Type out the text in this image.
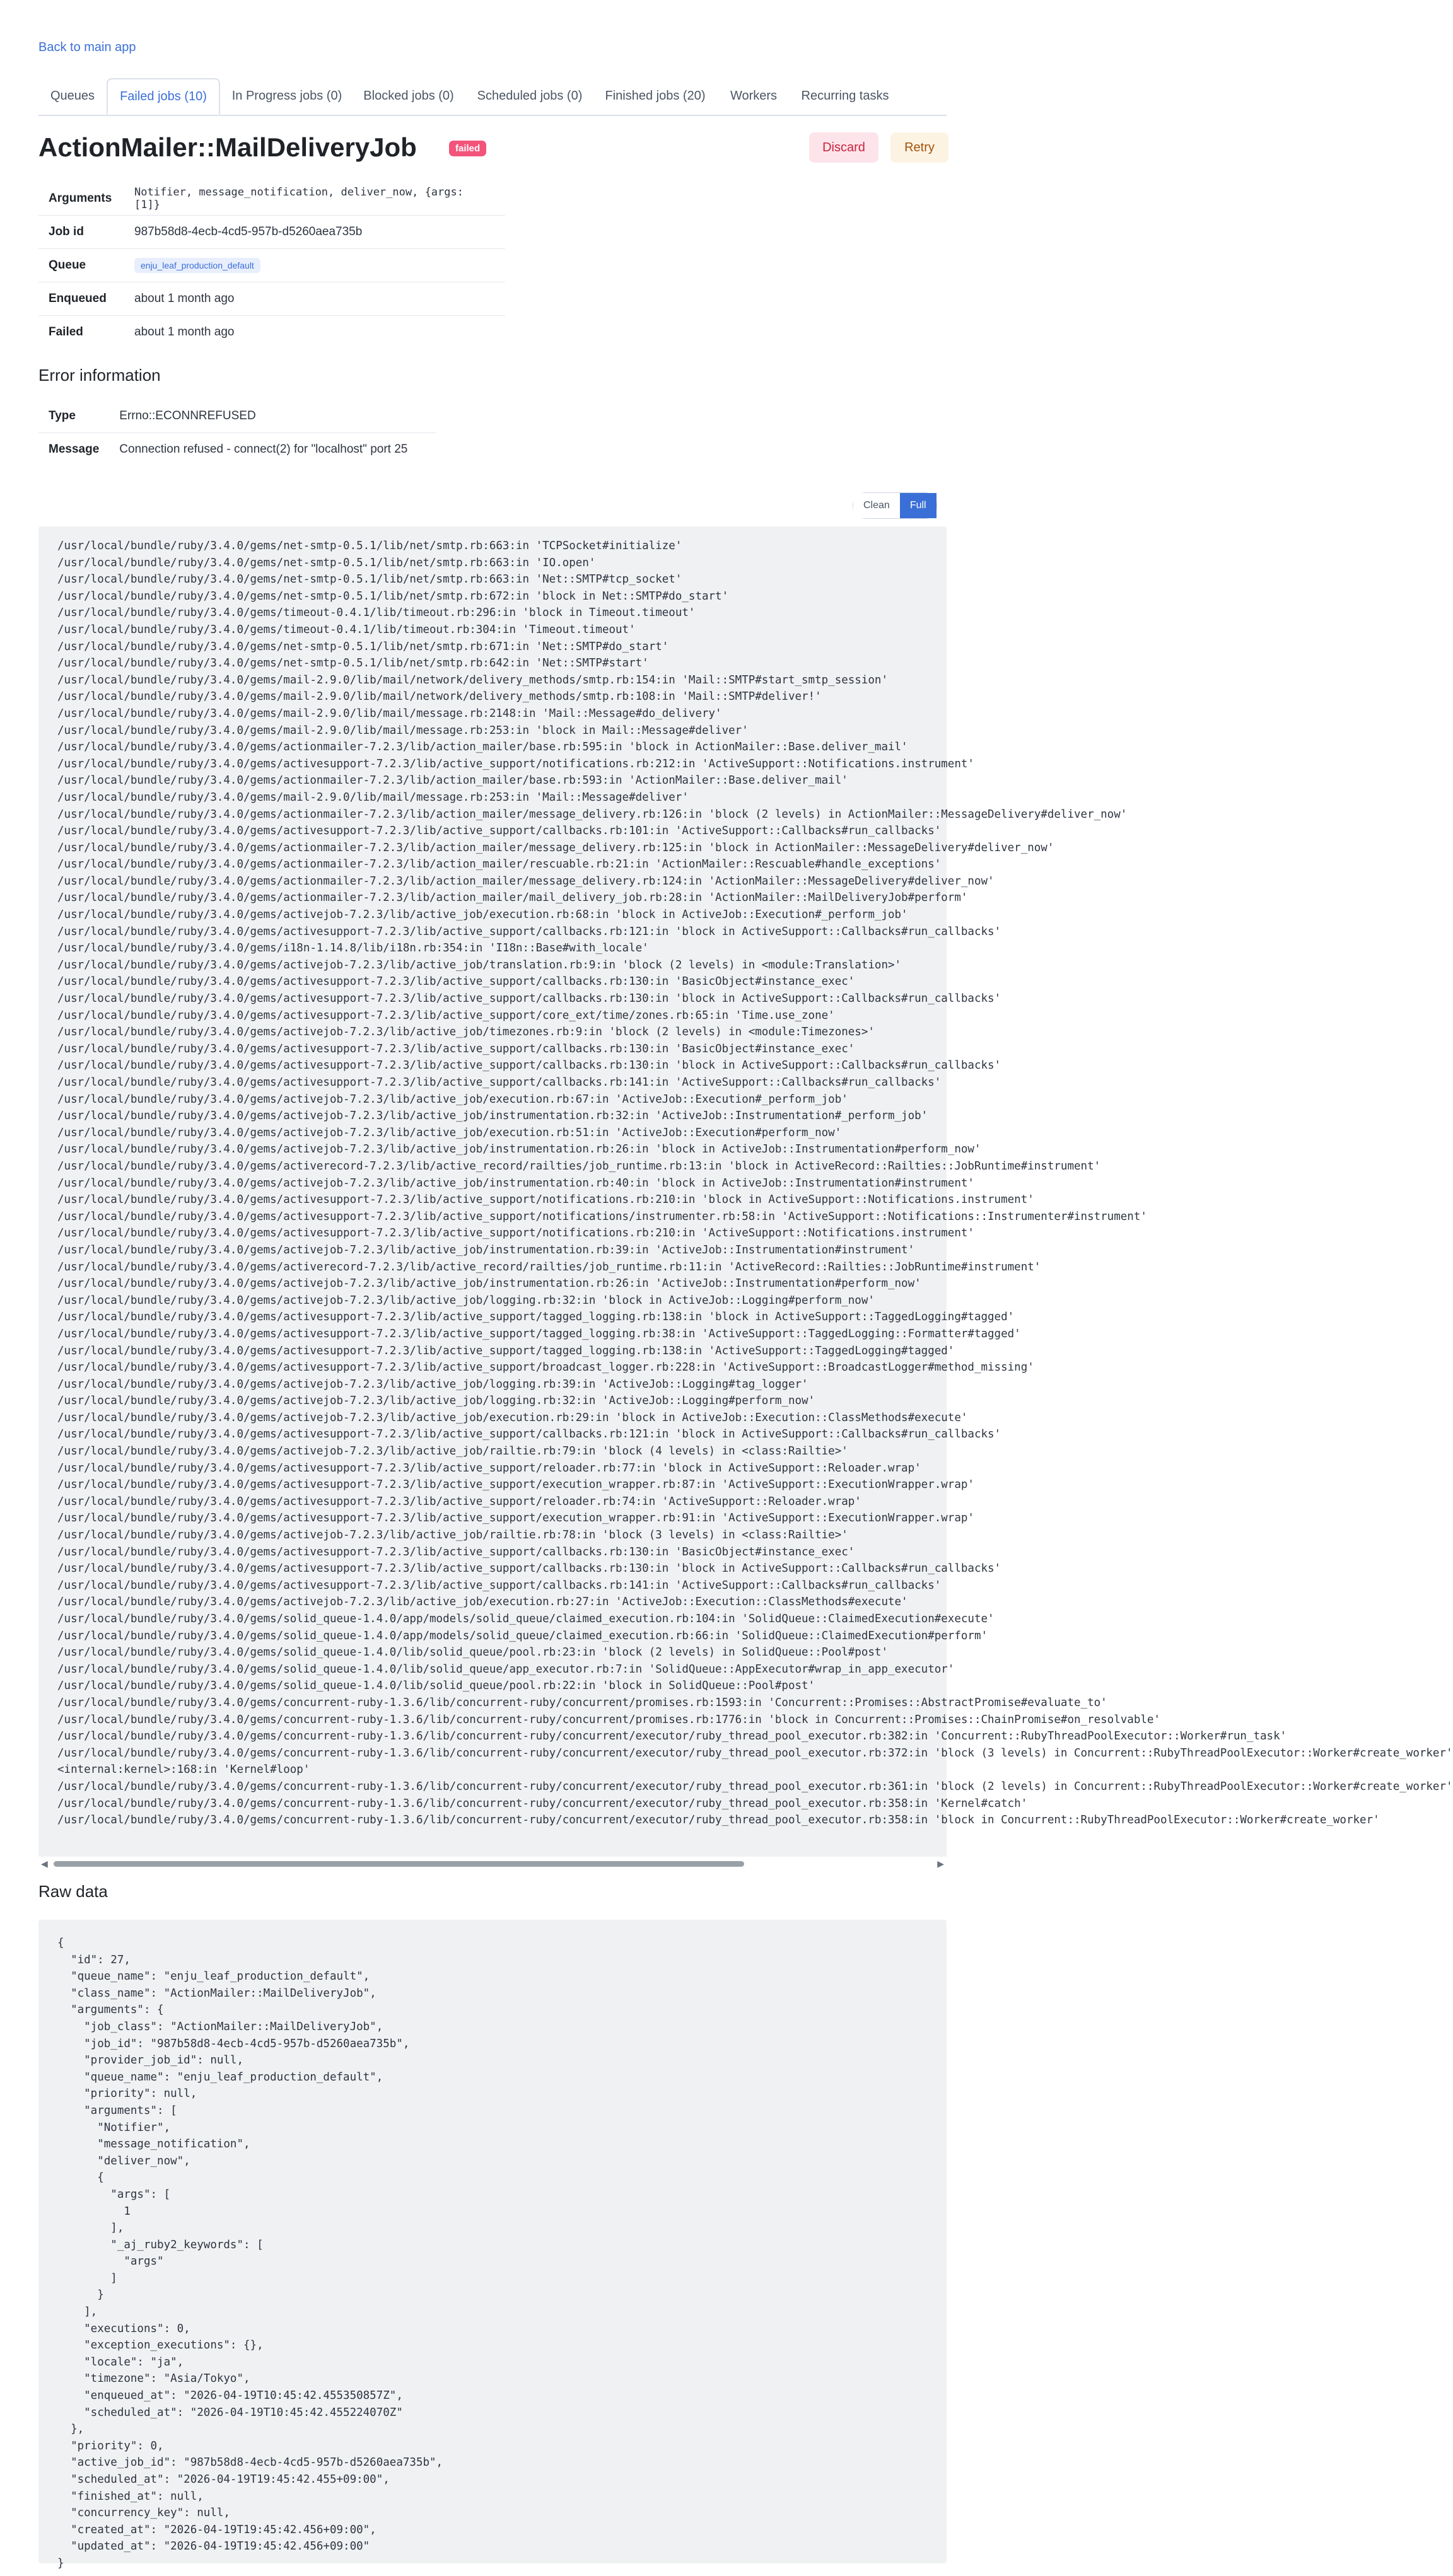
Back to main app
Queues	Failed jobs (10)	In Progress jobs (0)	Blocked jobs (0)	Scheduled jobs (0)	Finished jobs (20)	Workers	Recurring tasks
ActionMailer::MailDeliveryJob	failed	Discard	Retry
Arguments	Notifier, message_notification, deliver_now, {args: [1]}
Job id	987b58d8-4ecb-4cd5-957b-d5260aea735b
Queue	enju_leaf_production_default
Enqueued	about 1 month ago
Failed	about 1 month ago
Error information
Type	Errno::ECONNREFUSED
Message	Connection refused - connect(2) for "localhost" port 25
Clean	Full
/usr/local/bundle/ruby/3.4.0/gems/net-smtp-0.5.1/lib/net/smtp.rb:663:in 'TCPSocket#initialize'
/usr/local/bundle/ruby/3.4.0/gems/net-smtp-0.5.1/lib/net/smtp.rb:663:in 'IO.open'
/usr/local/bundle/ruby/3.4.0/gems/net-smtp-0.5.1/lib/net/smtp.rb:663:in 'Net::SMTP#tcp_socket'
/usr/local/bundle/ruby/3.4.0/gems/net-smtp-0.5.1/lib/net/smtp.rb:672:in 'block in Net::SMTP#do_start'
/usr/local/bundle/ruby/3.4.0/gems/timeout-0.4.1/lib/timeout.rb:296:in 'block in Timeout.timeout'
/usr/local/bundle/ruby/3.4.0/gems/timeout-0.4.1/lib/timeout.rb:304:in 'Timeout.timeout'
/usr/local/bundle/ruby/3.4.0/gems/net-smtp-0.5.1/lib/net/smtp.rb:671:in 'Net::SMTP#do_start'
/usr/local/bundle/ruby/3.4.0/gems/net-smtp-0.5.1/lib/net/smtp.rb:642:in 'Net::SMTP#start'
/usr/local/bundle/ruby/3.4.0/gems/mail-2.9.0/lib/mail/network/delivery_methods/smtp.rb:154:in 'Mail::SMTP#start_smtp_session'
/usr/local/bundle/ruby/3.4.0/gems/mail-2.9.0/lib/mail/network/delivery_methods/smtp.rb:108:in 'Mail::SMTP#deliver!'
/usr/local/bundle/ruby/3.4.0/gems/mail-2.9.0/lib/mail/message.rb:2148:in 'Mail::Message#do_delivery'
/usr/local/bundle/ruby/3.4.0/gems/mail-2.9.0/lib/mail/message.rb:253:in 'block in Mail::Message#deliver'
/usr/local/bundle/ruby/3.4.0/gems/actionmailer-7.2.3/lib/action_mailer/base.rb:595:in 'block in ActionMailer::Base.deliver_mail'
/usr/local/bundle/ruby/3.4.0/gems/activesupport-7.2.3/lib/active_support/notifications.rb:212:in 'ActiveSupport::Notifications.instrument'
/usr/local/bundle/ruby/3.4.0/gems/actionmailer-7.2.3/lib/action_mailer/base.rb:593:in 'ActionMailer::Base.deliver_mail'
/usr/local/bundle/ruby/3.4.0/gems/mail-2.9.0/lib/mail/message.rb:253:in 'Mail::Message#deliver'
/usr/local/bundle/ruby/3.4.0/gems/actionmailer-7.2.3/lib/action_mailer/message_delivery.rb:126:in 'block (2 levels) in ActionMailer::MessageDelivery#deliver_now'
/usr/local/bundle/ruby/3.4.0/gems/activesupport-7.2.3/lib/active_support/callbacks.rb:101:in 'ActiveSupport::Callbacks#run_callbacks'
/usr/local/bundle/ruby/3.4.0/gems/actionmailer-7.2.3/lib/action_mailer/message_delivery.rb:125:in 'block in ActionMailer::MessageDelivery#deliver_now'
/usr/local/bundle/ruby/3.4.0/gems/actionmailer-7.2.3/lib/action_mailer/rescuable.rb:21:in 'ActionMailer::Rescuable#handle_exceptions'
/usr/local/bundle/ruby/3.4.0/gems/actionmailer-7.2.3/lib/action_mailer/message_delivery.rb:124:in 'ActionMailer::MessageDelivery#deliver_now'
/usr/local/bundle/ruby/3.4.0/gems/actionmailer-7.2.3/lib/action_mailer/mail_delivery_job.rb:28:in 'ActionMailer::MailDeliveryJob#perform'
/usr/local/bundle/ruby/3.4.0/gems/activejob-7.2.3/lib/active_job/execution.rb:68:in 'block in ActiveJob::Execution#_perform_job'
/usr/local/bundle/ruby/3.4.0/gems/activesupport-7.2.3/lib/active_support/callbacks.rb:121:in 'block in ActiveSupport::Callbacks#run_callbacks'
/usr/local/bundle/ruby/3.4.0/gems/i18n-1.14.8/lib/i18n.rb:354:in 'I18n::Base#with_locale'
/usr/local/bundle/ruby/3.4.0/gems/activejob-7.2.3/lib/active_job/translation.rb:9:in 'block (2 levels) in <module:Translation>'
/usr/local/bundle/ruby/3.4.0/gems/activesupport-7.2.3/lib/active_support/callbacks.rb:130:in 'BasicObject#instance_exec'
/usr/local/bundle/ruby/3.4.0/gems/activesupport-7.2.3/lib/active_support/callbacks.rb:130:in 'block in ActiveSupport::Callbacks#run_callbacks'
/usr/local/bundle/ruby/3.4.0/gems/activesupport-7.2.3/lib/active_support/core_ext/time/zones.rb:65:in 'Time.use_zone'
/usr/local/bundle/ruby/3.4.0/gems/activejob-7.2.3/lib/active_job/timezones.rb:9:in 'block (2 levels) in <module:Timezones>'
/usr/local/bundle/ruby/3.4.0/gems/activesupport-7.2.3/lib/active_support/callbacks.rb:130:in 'BasicObject#instance_exec'
/usr/local/bundle/ruby/3.4.0/gems/activesupport-7.2.3/lib/active_support/callbacks.rb:130:in 'block in ActiveSupport::Callbacks#run_callbacks'
/usr/local/bundle/ruby/3.4.0/gems/activesupport-7.2.3/lib/active_support/callbacks.rb:141:in 'ActiveSupport::Callbacks#run_callbacks'
/usr/local/bundle/ruby/3.4.0/gems/activejob-7.2.3/lib/active_job/execution.rb:67:in 'ActiveJob::Execution#_perform_job'
/usr/local/bundle/ruby/3.4.0/gems/activejob-7.2.3/lib/active_job/instrumentation.rb:32:in 'ActiveJob::Instrumentation#_perform_job'
/usr/local/bundle/ruby/3.4.0/gems/activejob-7.2.3/lib/active_job/execution.rb:51:in 'ActiveJob::Execution#perform_now'
/usr/local/bundle/ruby/3.4.0/gems/activejob-7.2.3/lib/active_job/instrumentation.rb:26:in 'block in ActiveJob::Instrumentation#perform_now'
/usr/local/bundle/ruby/3.4.0/gems/activerecord-7.2.3/lib/active_record/railties/job_runtime.rb:13:in 'block in ActiveRecord::Railties::JobRuntime#instrument'
/usr/local/bundle/ruby/3.4.0/gems/activejob-7.2.3/lib/active_job/instrumentation.rb:40:in 'block in ActiveJob::Instrumentation#instrument'
/usr/local/bundle/ruby/3.4.0/gems/activesupport-7.2.3/lib/active_support/notifications.rb:210:in 'block in ActiveSupport::Notifications.instrument'
/usr/local/bundle/ruby/3.4.0/gems/activesupport-7.2.3/lib/active_support/notifications/instrumenter.rb:58:in 'ActiveSupport::Notifications::Instrumenter#instrument'
/usr/local/bundle/ruby/3.4.0/gems/activesupport-7.2.3/lib/active_support/notifications.rb:210:in 'ActiveSupport::Notifications.instrument'
/usr/local/bundle/ruby/3.4.0/gems/activejob-7.2.3/lib/active_job/instrumentation.rb:39:in 'ActiveJob::Instrumentation#instrument'
/usr/local/bundle/ruby/3.4.0/gems/activerecord-7.2.3/lib/active_record/railties/job_runtime.rb:11:in 'ActiveRecord::Railties::JobRuntime#instrument'
/usr/local/bundle/ruby/3.4.0/gems/activejob-7.2.3/lib/active_job/instrumentation.rb:26:in 'ActiveJob::Instrumentation#perform_now'
/usr/local/bundle/ruby/3.4.0/gems/activejob-7.2.3/lib/active_job/logging.rb:32:in 'block in ActiveJob::Logging#perform_now'
/usr/local/bundle/ruby/3.4.0/gems/activesupport-7.2.3/lib/active_support/tagged_logging.rb:138:in 'block in ActiveSupport::TaggedLogging#tagged'
/usr/local/bundle/ruby/3.4.0/gems/activesupport-7.2.3/lib/active_support/tagged_logging.rb:38:in 'ActiveSupport::TaggedLogging::Formatter#tagged'
/usr/local/bundle/ruby/3.4.0/gems/activesupport-7.2.3/lib/active_support/tagged_logging.rb:138:in 'ActiveSupport::TaggedLogging#tagged'
/usr/local/bundle/ruby/3.4.0/gems/activesupport-7.2.3/lib/active_support/broadcast_logger.rb:228:in 'ActiveSupport::BroadcastLogger#method_missing'
/usr/local/bundle/ruby/3.4.0/gems/activejob-7.2.3/lib/active_job/logging.rb:39:in 'ActiveJob::Logging#tag_logger'
/usr/local/bundle/ruby/3.4.0/gems/activejob-7.2.3/lib/active_job/logging.rb:32:in 'ActiveJob::Logging#perform_now'
/usr/local/bundle/ruby/3.4.0/gems/activejob-7.2.3/lib/active_job/execution.rb:29:in 'block in ActiveJob::Execution::ClassMethods#execute'
/usr/local/bundle/ruby/3.4.0/gems/activesupport-7.2.3/lib/active_support/callbacks.rb:121:in 'block in ActiveSupport::Callbacks#run_callbacks'
/usr/local/bundle/ruby/3.4.0/gems/activejob-7.2.3/lib/active_job/railtie.rb:79:in 'block (4 levels) in <class:Railtie>'
/usr/local/bundle/ruby/3.4.0/gems/activesupport-7.2.3/lib/active_support/reloader.rb:77:in 'block in ActiveSupport::Reloader.wrap'
/usr/local/bundle/ruby/3.4.0/gems/activesupport-7.2.3/lib/active_support/execution_wrapper.rb:87:in 'ActiveSupport::ExecutionWrapper.wrap'
/usr/local/bundle/ruby/3.4.0/gems/activesupport-7.2.3/lib/active_support/reloader.rb:74:in 'ActiveSupport::Reloader.wrap'
/usr/local/bundle/ruby/3.4.0/gems/activesupport-7.2.3/lib/active_support/execution_wrapper.rb:91:in 'ActiveSupport::ExecutionWrapper.wrap'
/usr/local/bundle/ruby/3.4.0/gems/activejob-7.2.3/lib/active_job/railtie.rb:78:in 'block (3 levels) in <class:Railtie>'
/usr/local/bundle/ruby/3.4.0/gems/activesupport-7.2.3/lib/active_support/callbacks.rb:130:in 'BasicObject#instance_exec'
/usr/local/bundle/ruby/3.4.0/gems/activesupport-7.2.3/lib/active_support/callbacks.rb:130:in 'block in ActiveSupport::Callbacks#run_callbacks'
/usr/local/bundle/ruby/3.4.0/gems/activesupport-7.2.3/lib/active_support/callbacks.rb:141:in 'ActiveSupport::Callbacks#run_callbacks'
/usr/local/bundle/ruby/3.4.0/gems/activejob-7.2.3/lib/active_job/execution.rb:27:in 'ActiveJob::Execution::ClassMethods#execute'
/usr/local/bundle/ruby/3.4.0/gems/solid_queue-1.4.0/app/models/solid_queue/claimed_execution.rb:104:in 'SolidQueue::ClaimedExecution#execute'
/usr/local/bundle/ruby/3.4.0/gems/solid_queue-1.4.0/app/models/solid_queue/claimed_execution.rb:66:in 'SolidQueue::ClaimedExecution#perform'
/usr/local/bundle/ruby/3.4.0/gems/solid_queue-1.4.0/lib/solid_queue/pool.rb:23:in 'block (2 levels) in SolidQueue::Pool#post'
/usr/local/bundle/ruby/3.4.0/gems/solid_queue-1.4.0/lib/solid_queue/app_executor.rb:7:in 'SolidQueue::AppExecutor#wrap_in_app_executor'
/usr/local/bundle/ruby/3.4.0/gems/solid_queue-1.4.0/lib/solid_queue/pool.rb:22:in 'block in SolidQueue::Pool#post'
/usr/local/bundle/ruby/3.4.0/gems/concurrent-ruby-1.3.6/lib/concurrent-ruby/concurrent/promises.rb:1593:in 'Concurrent::Promises::AbstractPromise#evaluate_to'
/usr/local/bundle/ruby/3.4.0/gems/concurrent-ruby-1.3.6/lib/concurrent-ruby/concurrent/promises.rb:1776:in 'block in Concurrent::Promises::ChainPromise#on_resolvable'
/usr/local/bundle/ruby/3.4.0/gems/concurrent-ruby-1.3.6/lib/concurrent-ruby/concurrent/executor/ruby_thread_pool_executor.rb:382:in 'Concurrent::RubyThreadPoolExecutor::Worker#run_task'
/usr/local/bundle/ruby/3.4.0/gems/concurrent-ruby-1.3.6/lib/concurrent-ruby/concurrent/executor/ruby_thread_pool_executor.rb:372:in 'block (3 levels) in Concurrent::RubyThreadPoolExecutor::Worker#create_worker'
<internal:kernel>:168:in 'Kernel#loop'
/usr/local/bundle/ruby/3.4.0/gems/concurrent-ruby-1.3.6/lib/concurrent-ruby/concurrent/executor/ruby_thread_pool_executor.rb:361:in 'block (2 levels) in Concurrent::RubyThreadPoolExecutor::Worker#create_worker'
/usr/local/bundle/ruby/3.4.0/gems/concurrent-ruby-1.3.6/lib/concurrent-ruby/concurrent/executor/ruby_thread_pool_executor.rb:358:in 'Kernel#catch'
/usr/local/bundle/ruby/3.4.0/gems/concurrent-ruby-1.3.6/lib/concurrent-ruby/concurrent/executor/ruby_thread_pool_executor.rb:358:in 'block in Concurrent::RubyThreadPoolExecutor::Worker#create_worker'
◀	▶
Raw data
{
"id": 27,
"queue_name": "enju_leaf_production_default",
"class_name": "ActionMailer::MailDeliveryJob",
"arguments": {
"job_class": "ActionMailer::MailDeliveryJob",
"job_id": "987b58d8-4ecb-4cd5-957b-d5260aea735b",
"provider_job_id": null,
"queue_name": "enju_leaf_production_default",
"priority": null,
"arguments": [
"Notifier",
"message_notification",
"deliver_now",
{
"args": [
1
],
"_aj_ruby2_keywords": [
"args"
]
}
],
"executions": 0,
"exception_executions": {},
"locale": "ja",
"timezone": "Asia/Tokyo",
"enqueued_at": "2026-04-19T10:45:42.455350857Z",
"scheduled_at": "2026-04-19T10:45:42.455224070Z"
},
"priority": 0,
"active_job_id": "987b58d8-4ecb-4cd5-957b-d5260aea735b",
"scheduled_at": "2026-04-19T19:45:42.455+09:00",
"finished_at": null,
"concurrency_key": null,
"created_at": "2026-04-19T19:45:42.456+09:00",
"updated_at": "2026-04-19T19:45:42.456+09:00"
}
